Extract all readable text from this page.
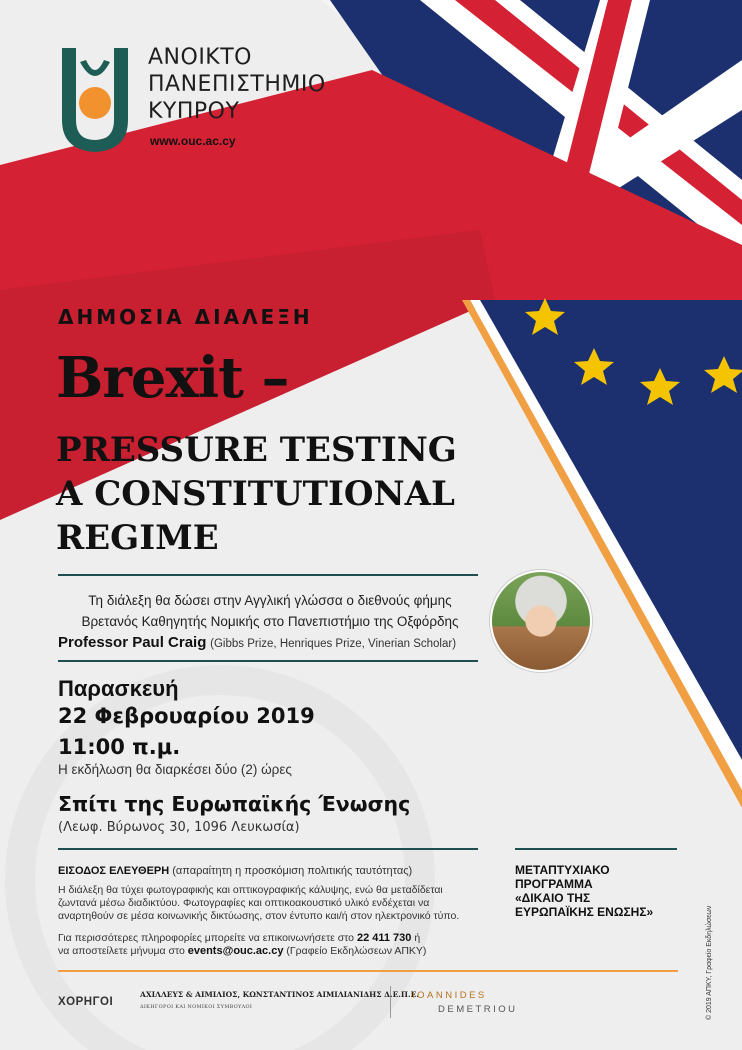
ΑΝΟΙΚΤΟ
ΠΑΝΕΠΙΣΤΗΜΙΟ
ΚΥΠΡΟΥ
www.ouc.ac.cy
ΔΗΜΟΣΙΑ ΔΙΑΛΕΞΗ
Brexit –
PRESSURE TESTING
A CONSTITUTIONAL
REGIME
Τη διάλεξη θα δώσει στην Αγγλική γλώσσα ο διεθνούς φήμης
Βρετανός Καθηγητής Νομικής στο Πανεπιστήμιο της Οξφόρδης
Professor Paul Craig (Gibbs Prize, Henriques Prize, Vinerian Scholar)
Παρασκευή
22 Φεβρουαρίου 2019
11:00 π.μ.
Η εκδήλωση θα διαρκέσει δύο (2) ώρες
Σπίτι της Ευρωπαϊκής Ένωσης
(Λεωφ. Βύρωνος 30, 1096 Λευκωσία)
ΕΙΣΟΔΟΣ ΕΛΕΥΘΕΡΗ (απαραίτητη η προσκόμιση πολιτικής ταυτότητας)
Η διάλεξη θα τύχει φωτογραφικής και οπτικογραφικής κάλυψης, ενώ θα μεταδίδεται ζωντανά μέσω διαδικτύου. Φωτογραφίες και οπτικοακουστικό υλικό ενδέχεται να αναρτηθούν σε μέσα κοινωνικής δικτύωσης, στον έντυπο και/ή στον ηλεκτρονικό τύπο.
Για περισσότερες πληροφορίες μπορείτε να επικοινωνήσετε στο 22 411 730 ή
να αποστείλετε μήνυμα στο events@ouc.ac.cy (Γραφείο Εκδηλώσεων ΑΠΚΥ)
ΜΕΤΑΠΤΥΧΙΑΚΟ
ΠΡΟΓΡΑΜΜΑ
«ΔΙΚΑΙΟ ΤΗΣ
ΕΥΡΩΠΑΪΚΗΣ ΕΝΩΣΗΣ»
ΧΟΡΗΓΟΙ
ΑΧΙΛΛΕΥΣ & ΑΙΜΙΛΙΟΣ, ΚΩΝΣΤΑΝΤΙΝΟΣ ΑΙΜΙΛΙΑΝΙΔΗΣ Δ.Ε.Π.Ε.
ΔΙΚΗΓΟΡΟΙ ΚΑΙ ΝΟΜΙΚΟΙ ΣΥΜΒΟΥΛΟΙ
IOANNIDES
DEMETRIOU	© 2019 ΑΠΚΥ, Γραφείο Εκδηλώσεων
